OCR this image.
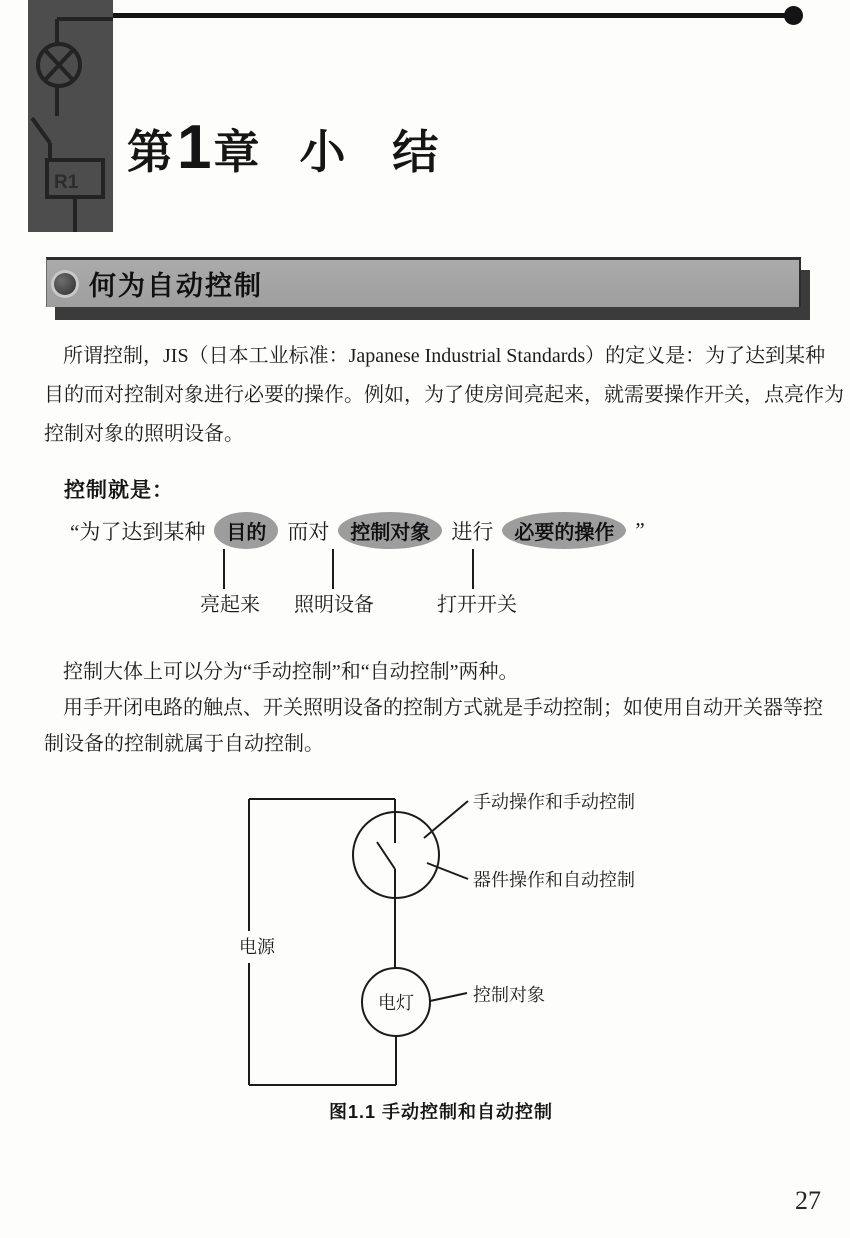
R1
第 1 章 小 结
何为自动控制
所谓控制，JIS（日本工业标准：Japanese Industrial Standards）的定义是：为了达到某种
目的而对控制对象进行必要的操作。例如，为了使房间亮起来，就需要操作开关，点亮作为
控制对象的照明设备。
控制就是：
“为了达到某种	目的	而对	控制对象	进行	必要的操作	”
亮起来 照明设备	打开开关
控制大体上可以分为“手动控制”和“自动控制”两种。
用手开闭电路的触点、开关照明设备的控制方式就是手动控制；如使用自动开关器等控
制设备的控制就属于自动控制。
手动操作和手动控制
器件操作和自动控制
控制对象
电源
电灯
图1.1 手动控制和自动控制
27
